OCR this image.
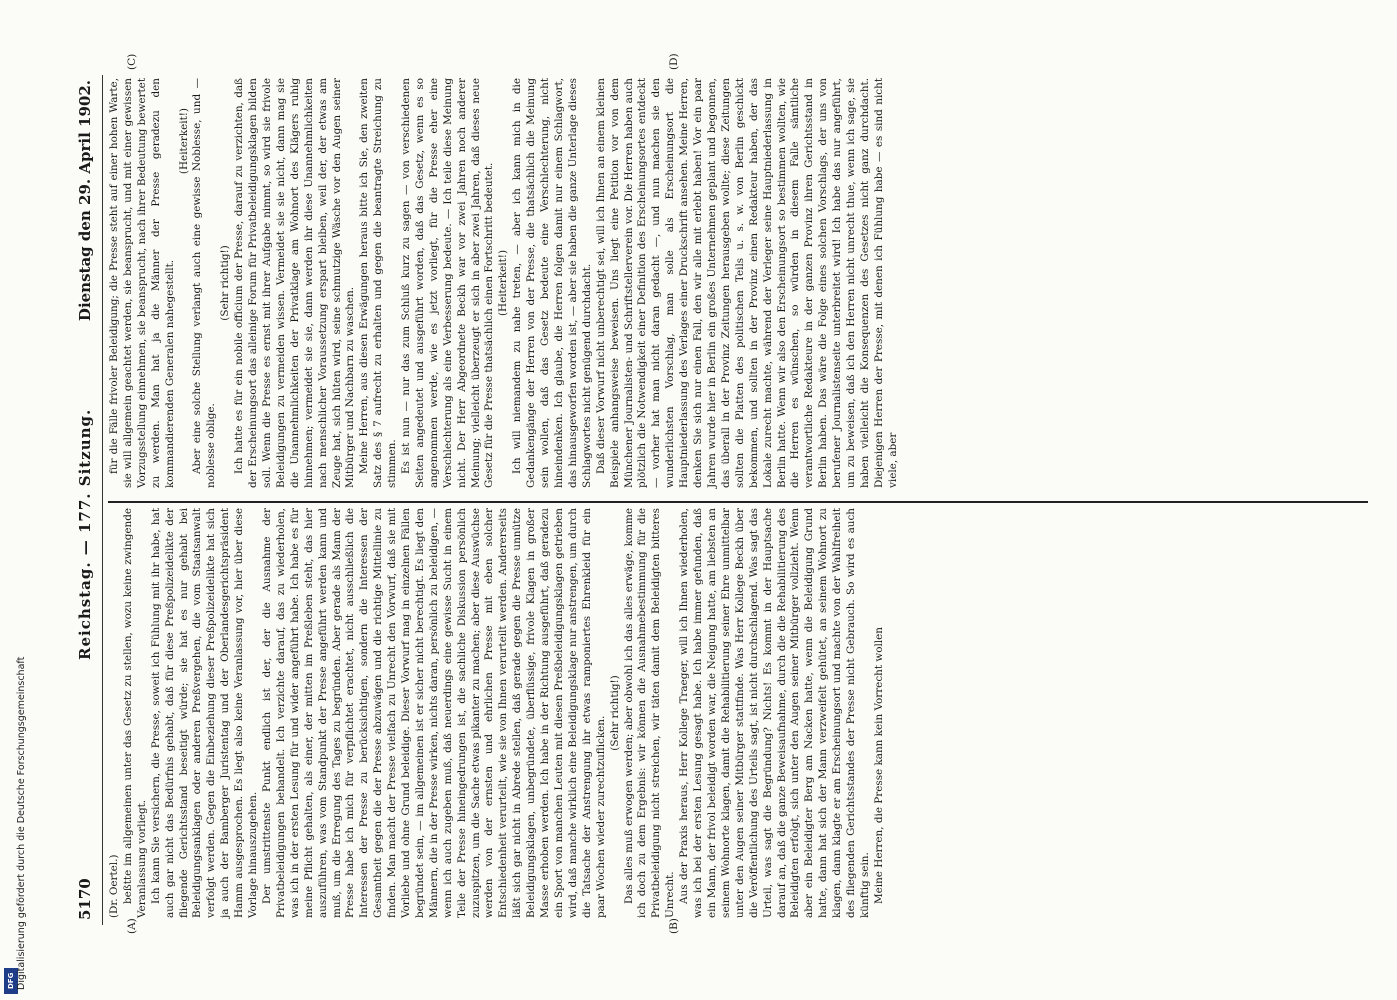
5170
Reichstag. — 177. Sitzung.
Dienstag den 29. April 1902.
(A)	(B)
(C)	(D)

(Dr. Oertel.) beßtte im allgemeinen unter das Gesetz zu stellen, wozu keine zwingende Veranlassung vorliegt. Ich kann Sie versichern, die Presse, soweit ich Fühlung mit ihr habe, hat auch gar nicht das Bedürfnis gehabt, daß für diese Preßpolizeidelikte der fliegende Gerichtsstand beseitigt würde; sie hat es nur gehabt bei Beleidigungsanklagen oder anderen Preßvergehen, die vom Staatsanwalt verfolgt werden. Gegen die Einbeziehung dieser Preßpolizeidelikte hat sich ja auch der Bamberger Juristentag und der Oberlandesgerichtspräsident Hamm ausgesprochen. Es liegt also keine Veranlassung vor, hier über diese Vorlage hinauszugehen. Der umstrittenste Punkt endlich ist der, der die Ausnahme der Privatbeleidigungen behandelt. Ich verzichte darauf, das zu wiederholen, was ich in der ersten Lesung für und wider angeführt habe. Ich habe es für meine Pflicht gehalten, als einer, der mitten im Preßleben steht, das hier auszuführen, was vom Standpunkt der Presse angeführt werden kann und muß, um die Erregung des Tages zu begründen. Aber gerade als Mann der Presse habe ich mich für verpflichtet erachtet, nicht ausschließlich die Interessen der Presse zu berücksichtigen, sondern die Interessen der Gesamtheit gegen die der Presse abzuwägen und die richtige Mittellinie zu finden. Man macht der Presse vielfach zu Unrecht den Vorwurf, daß sie mit Vorliebe und ohne Grund beleidige. Dieser Vorwurf mag in einzelnen Fällen begründet sein, — im allgemeinen ist er sicher nicht berechtigt. Es liegt den Männern, die in der Presse wirken, nichts daran, persönlich zu beleidigen, — wenn ich auch zugeben muß, daß neuerdings eine gewisse Sucht in einem Teile der Presse hineingedrungen ist, die sachliche Diskussion persönlich zuzuspitzen, um die Sache etwas pikanter zu machen; aber diese Auswüchse werden von der ernsten und ehrlichen Presse mit eben solcher Entschiedenheit verurteilt, wie sie von Ihnen verurteilt werden. Andererseits läßt sich gar nicht in Abrede stellen, daß gerade gegen die Presse unnütze Beleidigungsklagen, unbegründete, überflüssige, frivole Klagen in großer Masse erhoben werden. Ich habe in der Richtung ausgeführt, daß geradezu ein Sport von manchen Leuten mit diesen Preßbeleidigungsklagen getrieben wird, daß manche wirklich eine Beleidigungsklage nur anstrengen, um durch die Tatsache der Anstrengung ihr etwas ramponiertes Ehrenkleid für ein paar Wochen wieder zurechtzuflicken.

(Sehr richtig!) Das alles muß erwogen werden; aber obwohl ich das alles erwäge, komme ich doch zu dem Ergebnis: wir können die Ausnahmebestimmung für die Privatbeleidigung nicht streichen, wir täten damit dem Beleidigten bitteres Unrecht. Aus der Praxis heraus, Herr Kollege Traeger, will ich Ihnen wiederholen, was ich bei der ersten Lesung gesagt habe. Ich habe immer gefunden, daß ein Mann, der frivol beleidigt worden war, die Neigung hatte, am liebsten an seinem Wohnorte klagen, damit die Rehabilitierung seiner Ehre unmittelbar unter den Augen seiner Mitbürger stattfinde. Was Herr Kollege Beckh über die Veröffentlichung des Urteils sagt, ist nicht durchschlagend. Was sagt das Urteil, was sagt die Begründung? Nichts! Es kommt in der Hauptsache darauf an, daß die ganze Beweisaufnahme, durch die die Rehabilitierung des Beleidigten erfolgt, sich unter den Augen seiner Mitbürger vollzieht. Wenn aber ein Beleidigter Berg am Nacken hatte, wenn die Beleidigung Grund hatte, dann hat sich der Mann verzweifelt gehütet, an seinem Wohnort zu klagen, dann klagte er am Erscheinungsort und machte von der Wahlfreiheit des fliegenden Gerichtsstandes der Presse nicht Gebrauch. So wird es auch künftig sein. Meine Herren, die Presse kann kein Vorrecht wollen

für die Fälle frivoler Beleidigung; die Presse steht auf einer hohen Warte, sie will allgemein geachtet werden, sie beansprucht, und mit einer gewissen Vorzugsstellung einnehmen, sie beansprucht, nach ihrer Bedeutung bewertet zu werden. Man hat ja die Männer der Presse geradezu den kommandierenden Generalen nahegestellt.

(Heiterkeit!) Aber eine solche Stellung verlangt auch eine gewisse Noblesse, und — noblesse oblige.

(Sehr richtig!) Ich hatte es für ein nobile officium der Presse, darauf zu verzichten, daß der Erscheinungsort das alleinige Forum für Privatbeleidigungsklagen bilden soll. Wenn die Presse es ernst mit ihrer Aufgabe nimmt, so wird sie frivole Beleidigungen zu vermeiden wissen. Vermeidet sie sie nicht, dann mag sie die Unannehmlichkeiten der Privatklage am Wohnort des Klägers ruhig hinnehmen; vermeidet sie sie, dann werden ihr diese Unannehmlichkeiten nach menschlicher Voraussetzung erspart bleiben, weil der, der etwas am Zeuge hat, sich hüten wird, seine schmutzige Wäsche vor den Augen seiner Mitbürger und Nachbarn zu waschen. Meine Herren, aus diesen Erwägungen heraus bitte ich Sie, den zweiten Satz des § 7 aufrecht zu erhalten und gegen die beantragte Streichung zu stimmen. Es ist nun — nur das zum Schluß kurz zu sagen — von verschiedenen Seiten angedeutet und ausgeführt worden, daß das Gesetz, wenn es so angenommen werde, wie es jetzt vorliegt, für die Presse eher eine Verschlechterung als eine Verbesserung bedeute. — Ich teile diese Meinung nicht. Der Herr Abgeordnete Beckh war vor zwei Jahren noch anderer Meinung; vielleicht überzeugt er sich in aber zwei Jahren, daß dieses neue Gesetz für die Presse thatsächlich einen Fortschritt bedeutet. (Heiterkeit!) Ich will niemandem zu nahe treten, — aber ich kann mich in die Gedankengänge der Herren von der Presse, die thatsächlich die Meinung sein wollen, daß das Gesetz bedeute eine Verschlechterung, nicht hineindenken. Ich glaube, die Herren folgen damit nur einem Schlagwort, das hinausgeworfen worden ist, — aber sie haben die ganze Unterlage dieses Schlagwortes nicht genügend durchdacht. Daß dieser Vorwurf nicht unberechtigt sei, will ich Ihnen an einem kleinen Beispiele anhangsweise beweisen. Uns liegt eine Petition vor von dem Münchener Journalisten- und Schriftstellerverein vor. Die Herren haben auch plötzlich die Notwendigkeit einer Definition des Erscheinungsortes entdeckt — vorher hat man nicht daran gedacht —, und nun machen sie den wunderlichsten Vorschlag, man solle als Erscheinungsort die Hauptniederlassung des Verlages einer Druckschrift ansehen. Meine Herren, denken Sie sich nur einen Fall, den wir alle mit erlebt haben! Vor ein paar Jahren wurde hier in Berlin ein großes Unternehmen geplant und begonnen, das überall in der Provinz Zeitungen herausgeben wollte; diese Zeitungen sollten die Platten des politischen Teils u. s. w. von Berlin geschickt bekommen, und sollten in der Provinz einen Redakteur haben, der das Lokale zurecht machte, während der Verleger seine Hauptniederlassung in Berlin hatte. Wenn wir also den Erscheinungsort so bestimmen wollten, wie die Herren es wünschen, so würden in diesem Falle sämtliche verantwortliche Redakteure in der ganzen Provinz ihren Gerichtsstand in Berlin haben. Das wäre die Folge eines solchen Vorschlags, der uns von berufener Journalistenseite unterbreitet wird! Ich habe das nur angeführt, um zu beweisen, daß ich den Herren nicht unrecht thue, wenn ich sage, sie haben vielleicht die Konsequenzen des Gesetzes nicht ganz durchdacht. Diejenigen Herren der Presse, mit denen ich Fühlung habe — es sind nicht viele, aber

DFG Digitalisierung gefördert durch die Deutsche Forschungsgemeinschaft
